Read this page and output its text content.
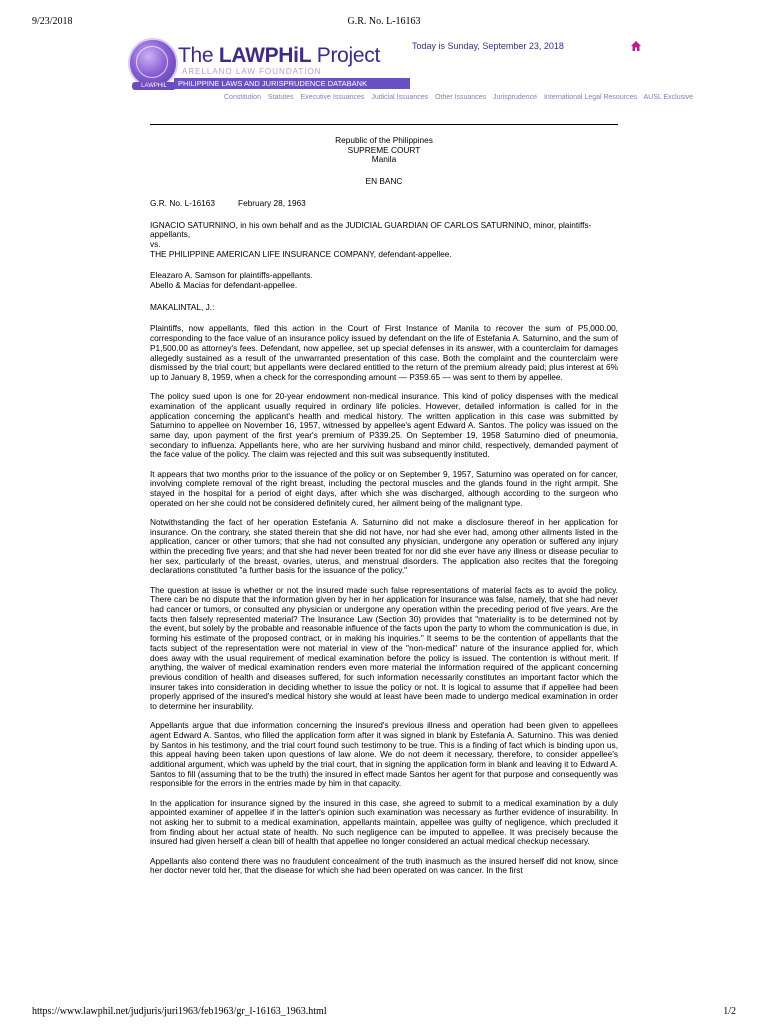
9/23/2018	G.R. No. L-16163
LAWPHiL
The LAWPHiL Project
ARELLANO LAW FOUNDATION
PHILIPPINE LAWS AND JURISPRUDENCE DATABANK
Today is Sunday, September 23, 2018
Constitution Statutes Executive Issuances Judicial Issuances Other Issuances Jurisprudence International Legal Resources AUSL Exclusive

Republic of the Philippines

SUPREME COURT

Manila

EN BANC

G.R. No. L-16163	February 28, 1963

IGNACIO SATURNINO, in his own behalf and as the JUDICIAL GUARDIAN OF CARLOS SATURNINO, minor, plaintiffs-appellants,

vs.

THE PHILIPPINE AMERICAN LIFE INSURANCE COMPANY, defendant-appellee.

Eleazaro A. Samson for plaintiffs-appellants.

Abello & Macias for defendant-appellee.

MAKALINTAL, J.:

Plaintiffs, now appellants, filed this action in the Court of First Instance of Manila to recover the sum of P5,000.00, corresponding to the face value of an insurance policy issued by defendant on the life of Estefania A. Saturnino, and the sum of P1,500.00 as attorney's fees. Defendant, now appellee, set up special defenses in its answer, with a counterclaim for damages allegedly sustained as a result of the unwarranted presentation of this case. Both the complaint and the counterclaim were dismissed by the trial court; but appellants were declared entitled to the return of the premium already paid; plus interest at 6% up to January 8, 1959, when a check for the corresponding amount — P359.65 — was sent to them by appellee.

The policy sued upon is one for 20-year endowment non-medical insurance. This kind of policy dispenses with the medical examination of the applicant usually required in ordinary life policies. However, detailed information is called for in the application concerning the applicant's health and medical history. The written application in this case was submitted by Saturnino to appellee on November 16, 1957, witnessed by appellee's agent Edward A. Santos. The policy was issued on the same day, upon payment of the first year's premium of P339.25. On September 19, 1958 Saturnino died of pneumonia, secondary to influenza. Appellants here, who are her surviving husband and minor child, respectively, demanded payment of the face value of the policy. The claim was rejected and this suit was subsequently instituted.

It appears that two months prior to the issuance of the policy or on September 9, 1957, Saturnino was operated on for cancer, involving complete removal of the right breast, including the pectoral muscles and the glands found in the right armpit. She stayed in the hospital for a period of eight days, after which she was discharged, although according to the surgeon who operated on her she could not be considered definitely cured, her ailment being of the malignant type.

Notwithstanding the fact of her operation Estefania A. Saturnino did not make a disclosure thereof in her application for insurance. On the contrary, she stated therein that she did not have, nor had she ever had, among other ailments listed in the application, cancer or other tumors; that she had not consulted any physician, undergone any operation or suffered any injury within the preceding five years; and that she had never been treated for nor did she ever have any illness or disease peculiar to her sex, particularly of the breast, ovaries, uterus, and menstrual disorders. The application also recites that the foregoing declarations constituted "a further basis for the issuance of the policy."

The question at issue is whether or not the insured made such false representations of material facts as to avoid the policy. There can be no dispute that the information given by her in her application for insurance was false, namely, that she had never had cancer or tumors, or consulted any physician or undergone any operation within the preceding period of five years. Are the facts then falsely represented material? The Insurance Law (Section 30) provides that "materiality is to be determined not by the event, but solely by the probable and reasonable influence of the facts upon the party to whom the communication is due, in forming his estimate of the proposed contract, or in making his inquiries." It seems to be the contention of appellants that the facts subject of the representation were not material in view of the "non-medical" nature of the insurance applied for, which does away with the usual requirement of medical examination before the policy is issued. The contention is without merit. If anything, the waiver of medical examination renders even more material the information required of the applicant concerning previous condition of health and diseases suffered, for such information necessarily constitutes an important factor which the insurer takes into consideration in deciding whether to issue the policy or not. It is logical to assume that if appellee had been properly apprised of the insured's medical history she would at least have been made to undergo medical examination in order to determine her insurability.

Appellants argue that due information concerning the insured's previous illness and operation had been given to appellees agent Edward A. Santos, who filled the application form after it was signed in blank by Estefania A. Saturnino. This was denied by Santos in his testimony, and the trial court found such testimony to be true. This is a finding of fact which is binding upon us, this appeal having been taken upon questions of law alone. We do not deem it necessary, therefore, to consider appellee's additional argument, which was upheld by the trial court, that in signing the application form in blank and leaving it to Edward A. Santos to fill (assuming that to be the truth) the insured in effect made Santos her agent for that purpose and consequently was responsible for the errors in the entries made by him in that capacity.

In the application for insurance signed by the insured in this case, she agreed to submit to a medical examination by a duly appointed examiner of appellee if in the latter's opinion such examination was necessary as further evidence of insurability. In not asking her to submit to a medical examination, appellants maintain, appellee was guilty of negligence, which precluded it from finding about her actual state of health. No such negligence can be imputed to appellee. It was precisely because the insured had given herself a clean bill of health that appellee no longer considered an actual medical checkup necessary.

Appellants also contend there was no fraudulent concealment of the truth inasmuch as the insured herself did not know, since her doctor never told her, that the disease for which she had been operated on was cancer. In the first

https://www.lawphil.net/judjuris/juri1963/feb1963/gr_l-16163_1963.html	1/2
